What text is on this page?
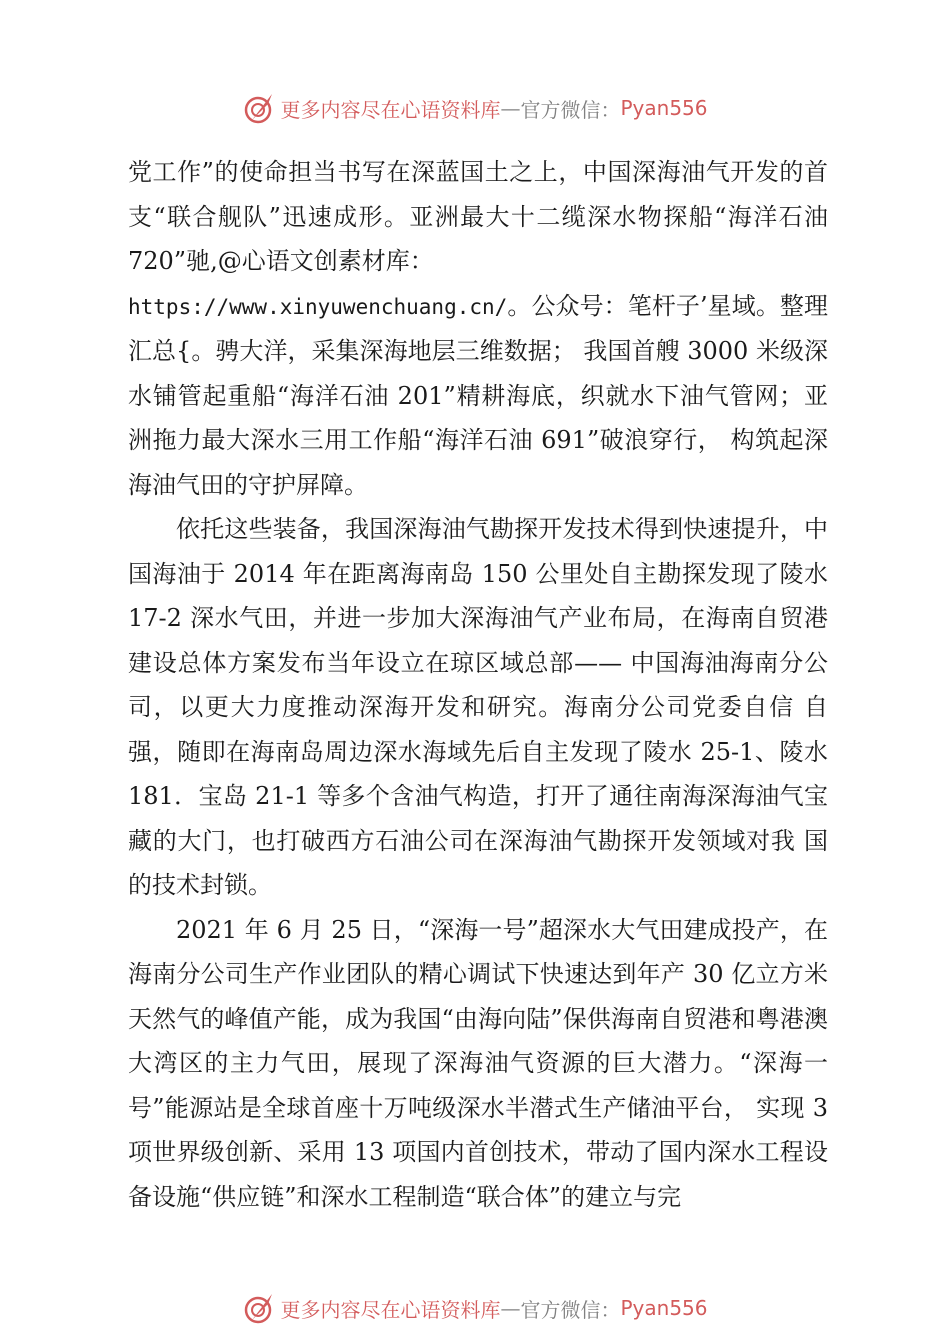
更多内容尽在心语资料库 — 官方微信： Pyan556

党工作”的使命担当书写在深蓝国土之上，中国深海油气开发的首支“联合舰队”迅速成形。亚洲最大十二缆深水物探船“海洋石油 720”驰,@心语文创素材库：
https://www.xinyuwenchuang.cn/。公众号：笔杆子’星域。整理汇总{。骋大洋，采集深海地层三维数据； 我国首艘 3000 米级深水铺管起重船“海洋石油 201”精耕海底，织就水下油气管网；亚洲拖力最大深水三用工作船“海洋石油 691”破浪穿行， 构筑起深海油气田的守护屏障。

依托这些装备，我国深海油气勘探开发技术得到快速提升，中国海油于 2014 年在距离海南岛 150 公里处自主勘探发现了陵水 17-2 深水气田，并进一步加大深海油气产业布局，在海南自贸港建设总体方案发布当年设立在琼区域总部—— 中国海油海南分公司，以更大力度推动深海开发和研究。海南分公司党委自信 自强，随即在海南岛周边深水海域先后自主发现了陵水 25-1、陵水 181．宝岛 21-1 等多个含油气构造，打开了通往南海深海油气宝藏的大门，也打破西方石油公司在深海油气勘探开发领域对我 国的技术封锁。

2021 年 6 月 25 日，“深海一号”超深水大气田建成投产，在海南分公司生产作业团队的精心调试下快速达到年产 30 亿立方米天然气的峰值产能，成为我国“由海向陆”保供海南自贸港和粤港澳大湾区的主力气田，展现了深海油气资源的巨大潜力。“深海一号”能源站是全球首座十万吨级深水半潜式生产储油平台， 实现 3 项世界级创新、采用 13 项国内首创技术，带动了国内深水工程设备设施“供应链”和深水工程制造“联合体”的建立与完

更多内容尽在心语资料库 — 官方微信： Pyan556
